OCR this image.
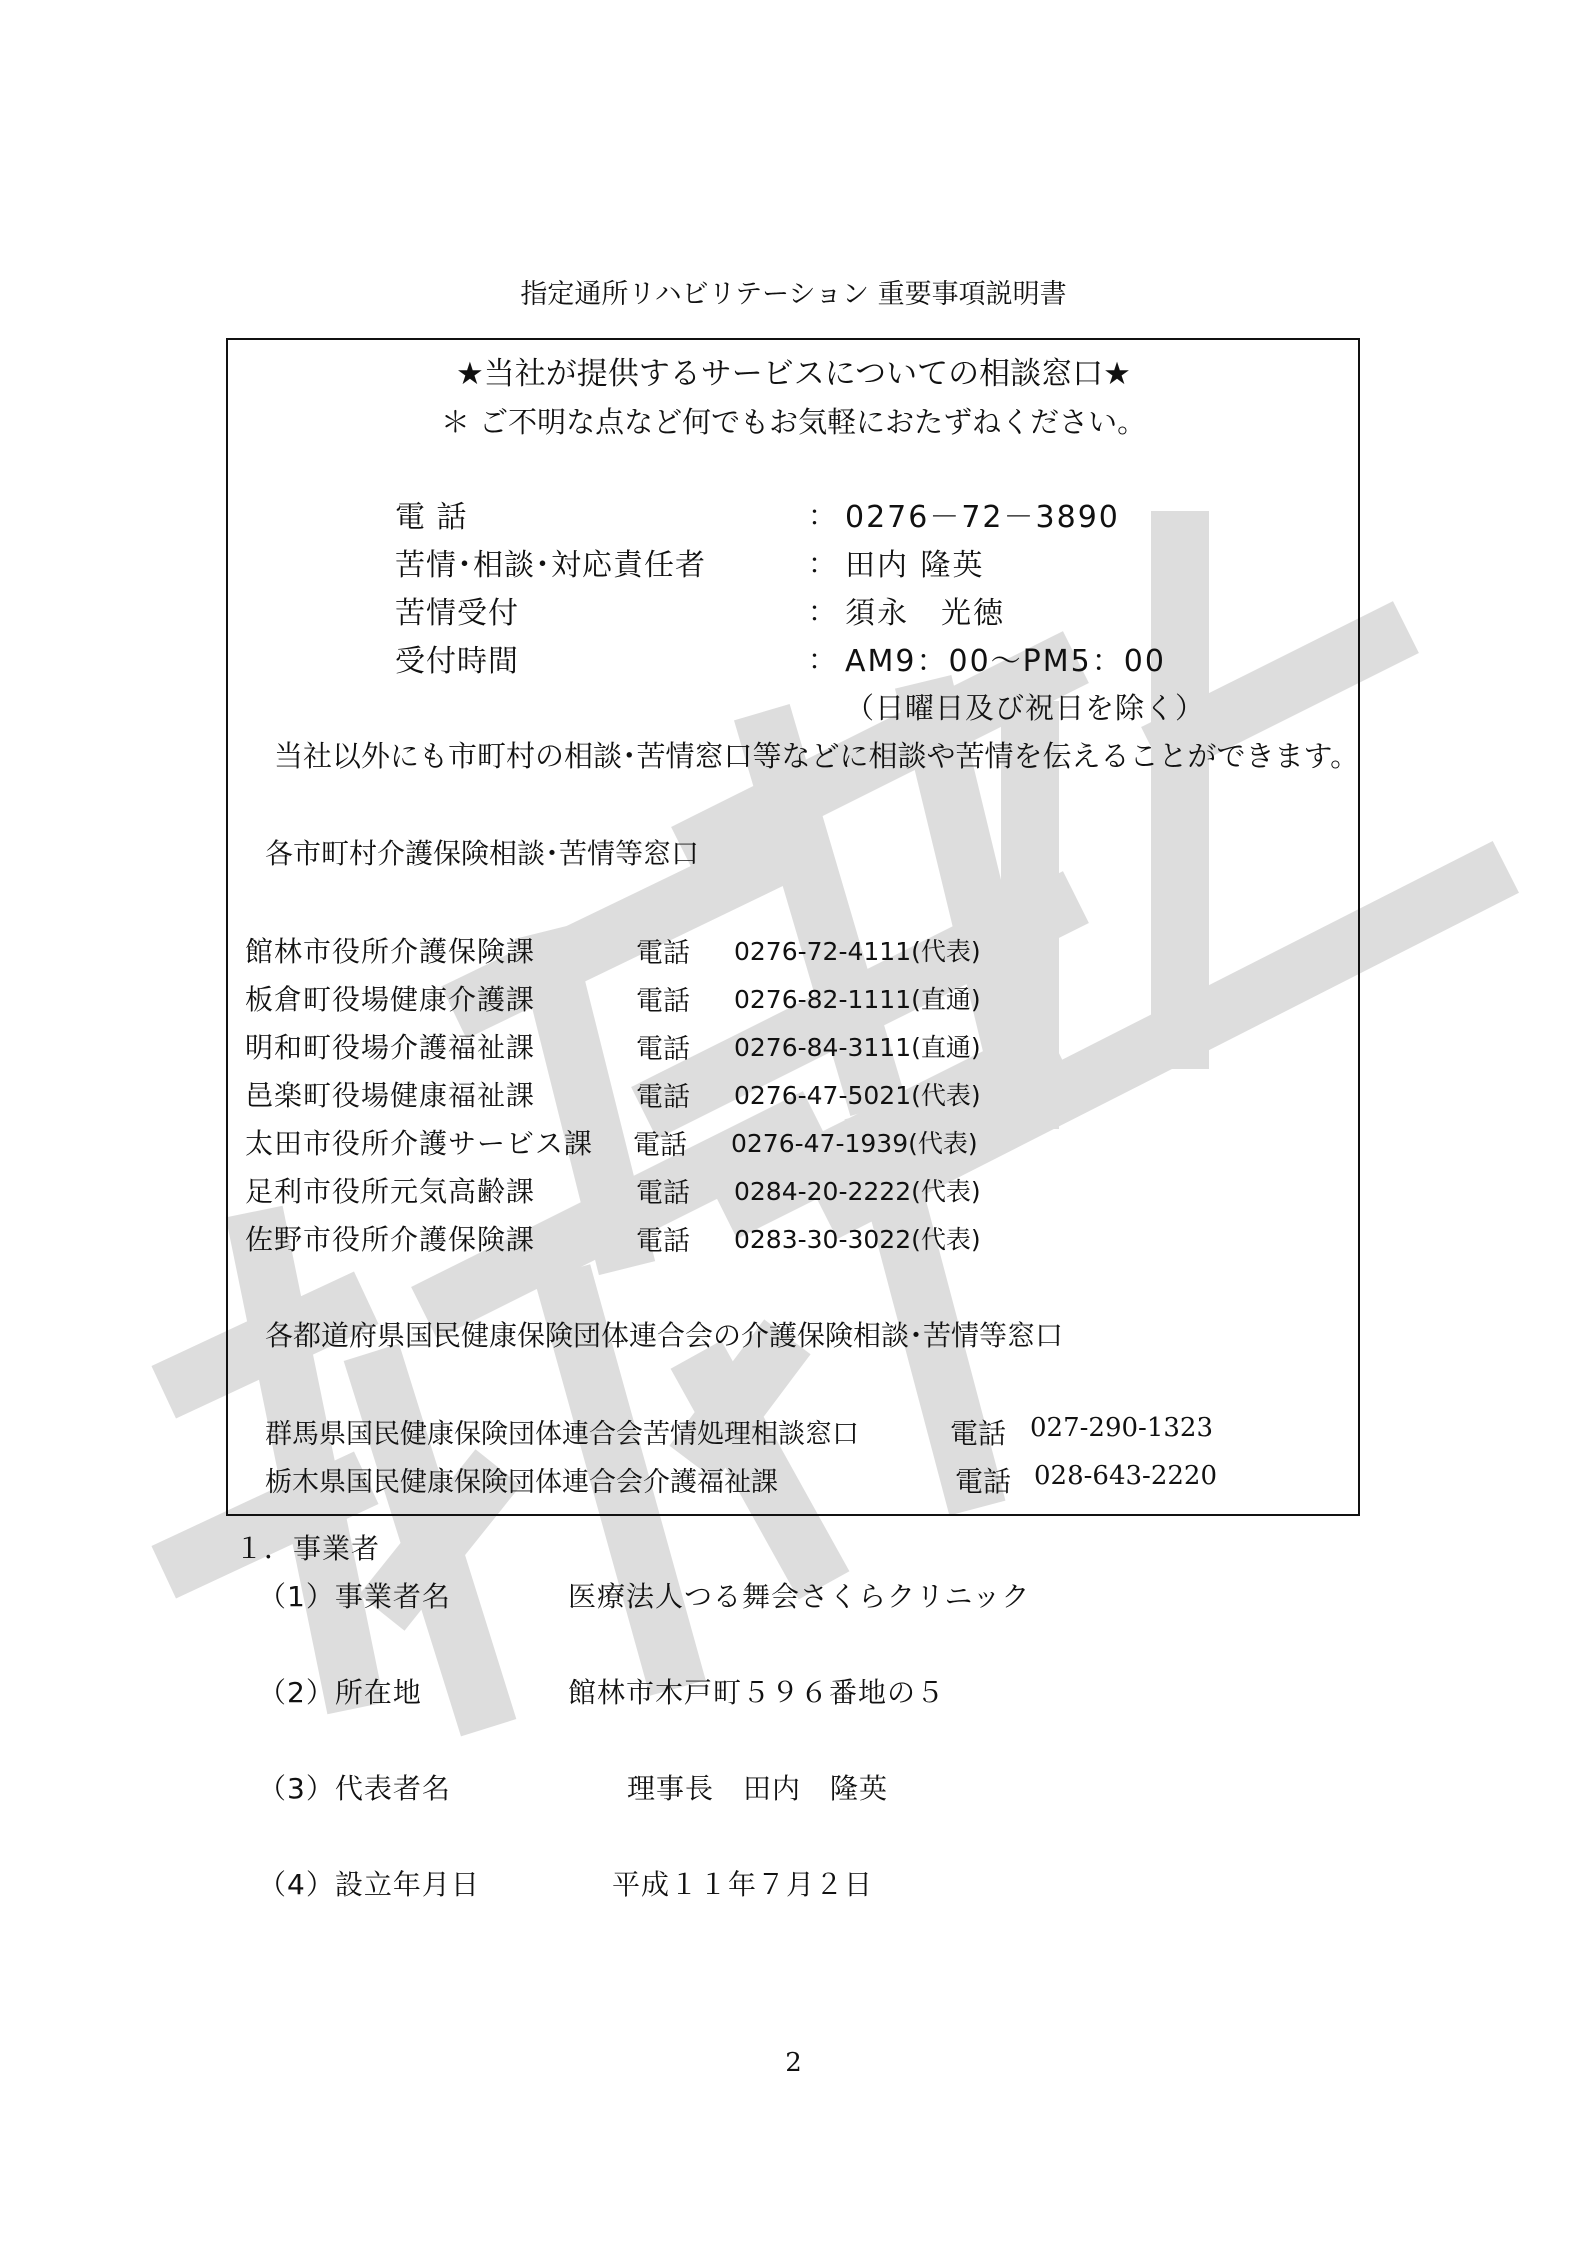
指定通所リハビリテーション 重要事項説明書
★当社が提供するサービスについての相談窓口★
＊ ご不明な点など何でもお気軽におたずねください。
電 話	： 0276－72－3890
苦情･相談･対応責任者	： 田内 隆英
苦情受付	： 須永　光徳
受付時間	： AM9：00～PM5：00
（日曜日及び祝日を除く）
当社以外にも市町村の相談･苦情窓口等などに相談や苦情を伝えることができます。
各市町村介護保険相談･苦情等窓口
館林市役所介護保険課	電話 0276-72-4111(代表)
板倉町役場健康介護課	電話 0276-82-1111(直通)
明和町役場介護福祉課	電話 0276-84-3111(直通)
邑楽町役場健康福祉課	電話 0276-47-5021(代表)
太田市役所介護サービス課 電話 0276-47-1939(代表)
足利市役所元気高齢課	電話 0284-20-2222(代表)
佐野市役所介護保険課	電話 0283-30-3022(代表)
各都道府県国民健康保険団体連合会の介護保険相談･苦情等窓口
群馬県国民健康保険団体連合会苦情処理相談窓口	電話 027-290-1323
栃木県国民健康保険団体連合会介護福祉課	電話 028-643-2220
１．事業者
（1）事業者名	医療法人つる舞会さくらクリニック
（2）所在地	館林市木戸町５９６番地の５
（3）代表者名	理事長　田内　隆英
（4）設立年月日	平成１１年７月２日
2
